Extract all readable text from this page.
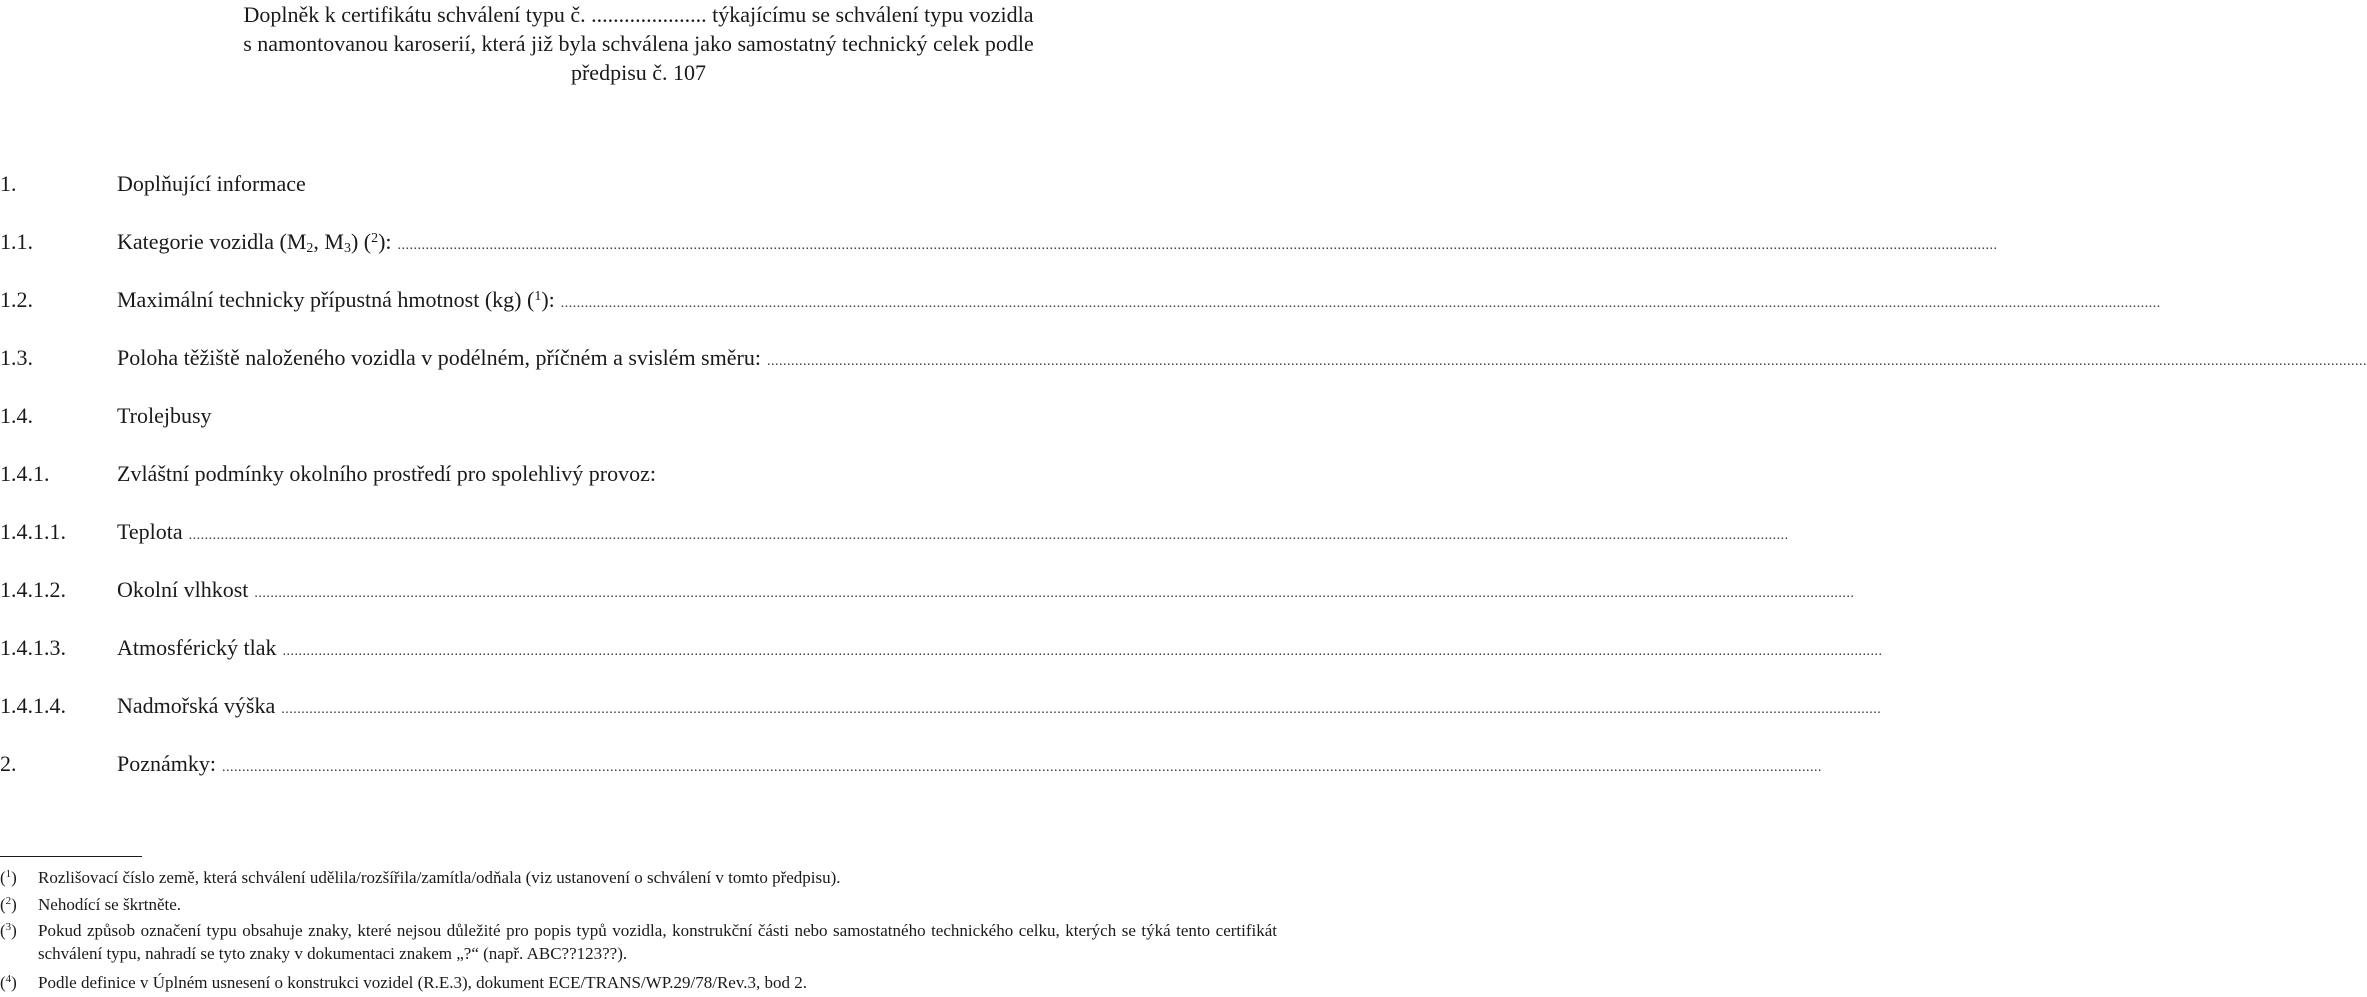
Doplněk k certifikátu schválení typu č. ..................... týkajícímu se schválení typu vozidla
s namontovanou karoserií, která již byla schválena jako samostatný technický celek podle
předpisu č. 107
1.	Doplňující informace
1.1.	Kategorie vozidla ($M_2$, $M_3$) ($^2$): ................................................................................................................................................................................................................................................................................................................................................................................................................
1.2.	Maximální technicky přípustná hmotnost (kg) ($^1$): ................................................................................................................................................................................................................................................................................................................................................................................................................
1.3.	Poloha těžiště naloženého vozidla v podélném, příčném a svislém směru: ................................................................................................................................................................................................................................................................................................................................................................................................................
1.4.	Trolejbusy
1.4.1.	Zvláštní podmínky okolního prostředí pro spolehlivý provoz:
1.4.1.1.	Teplota ................................................................................................................................................................................................................................................................................................................................................................................................................
1.4.1.2.	Okolní vlhkost ................................................................................................................................................................................................................................................................................................................................................................................................................
1.4.1.3.	Atmosférický tlak ................................................................................................................................................................................................................................................................................................................................................................................................................
1.4.1.4.	Nadmořská výška ................................................................................................................................................................................................................................................................................................................................................................................................................
2.	Poznámky: ................................................................................................................................................................................................................................................................................................................................................................................................................
($^1$)	Rozlišovací číslo země, která schválení udělila/rozšířila/zamítla/odňala (viz ustanovení o schválení v tomto předpisu).
($^2$)	Nehodící se škrtněte.
($^3$)	Pokud způsob označení typu obsahuje znaky, které nejsou důležité pro popis typů vozidla, konstrukční části nebo samostatného technického celku, kterých se týká tento certifikát schválení typu, nahradí se tyto znaky v dokumentaci znakem „?“ (např. ABC??123??).
($^4$)	Podle definice v Úplném usnesení o konstrukci vozidel (R.E.3), dokument ECE/TRANS/WP.29/78/Rev.3, bod 2.
